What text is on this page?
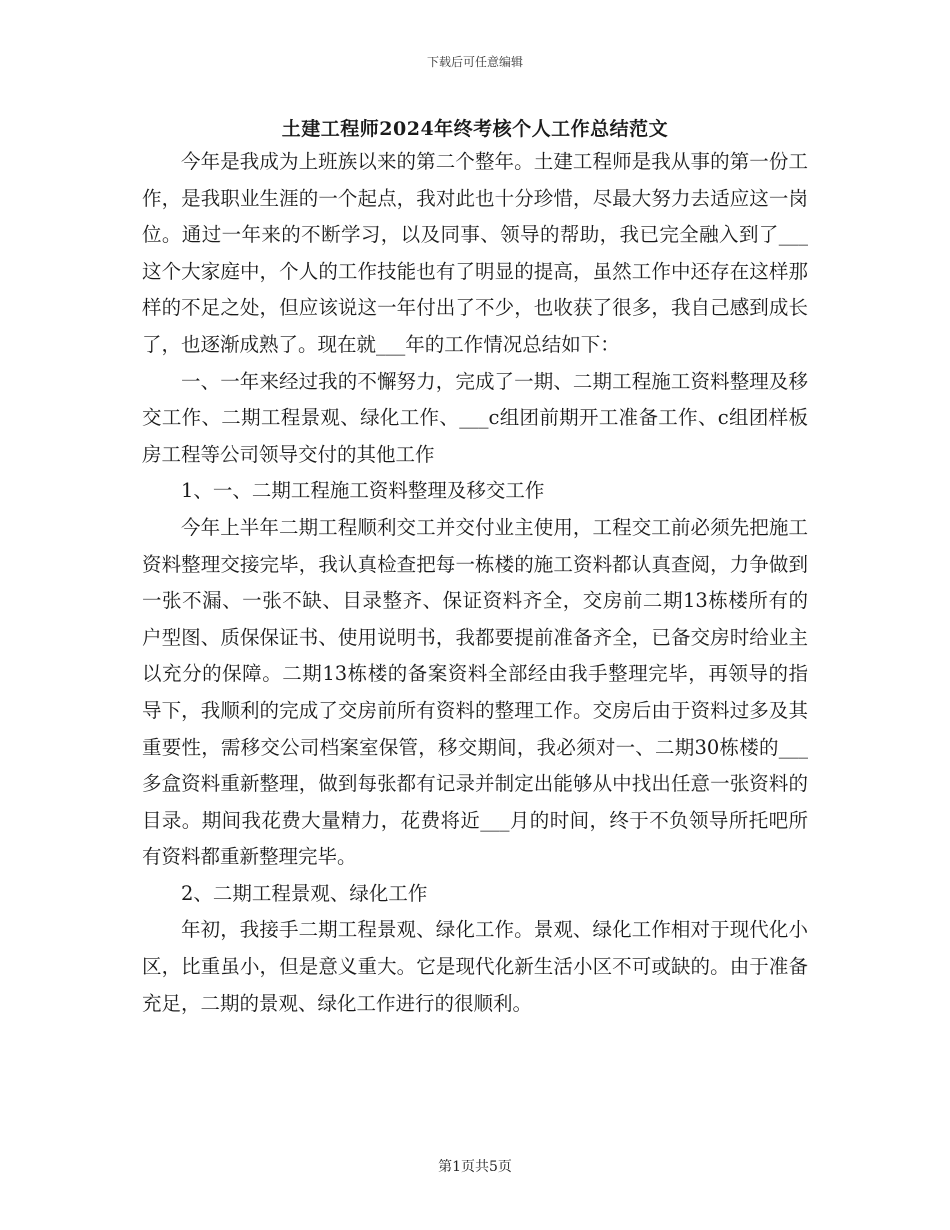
下载后可任意编辑
土建工程师2024年终考核个人工作总结范文

今年是我成为上班族以来的第二个整年。土建工程师是我从事的第一份工作，是我职业生涯的一个起点，我对此也十分珍惜，尽最大努力去适应这一岗位。通过一年来的不断学习，以及同事、领导的帮助，我已完全融入到了___这个大家庭中，个人的工作技能也有了明显的提高，虽然工作中还存在这样那样的不足之处，但应该说这一年付出了不少，也收获了很多，我自己感到成长了，也逐渐成熟了。现在就___年的工作情况总结如下：

一、一年来经过我的不懈努力，完成了一期、二期工程施工资料整理及移交工作、二期工程景观、绿化工作、___c组团前期开工准备工作、c组团样板房工程等公司领导交付的其他工作

1、一、二期工程施工资料整理及移交工作

今年上半年二期工程顺利交工并交付业主使用，工程交工前必须先把施工资料整理交接完毕，我认真检查把每一栋楼的施工资料都认真查阅，力争做到一张不漏、一张不缺、目录整齐、保证资料齐全，交房前二期13栋楼所有的户型图、质保保证书、使用说明书，我都要提前准备齐全，已备交房时给业主以充分的保障。二期13栋楼的备案资料全部经由我手整理完毕，再领导的指导下，我顺利的完成了交房前所有资料的整理工作。交房后由于资料过多及其重要性，需移交公司档案室保管，移交期间，我必须对一、二期30栋楼的___多盒资料重新整理，做到每张都有记录并制定出能够从中找出任意一张资料的目录。期间我花费大量精力，花费将近___月的时间，终于不负领导所托吧所有资料都重新整理完毕。

2、二期工程景观、绿化工作

年初，我接手二期工程景观、绿化工作。景观、绿化工作相对于现代化小区，比重虽小，但是意义重大。它是现代化新生活小区不可或缺的。由于准备充足，二期的景观、绿化工作进行的很顺利。

第1页共5页
